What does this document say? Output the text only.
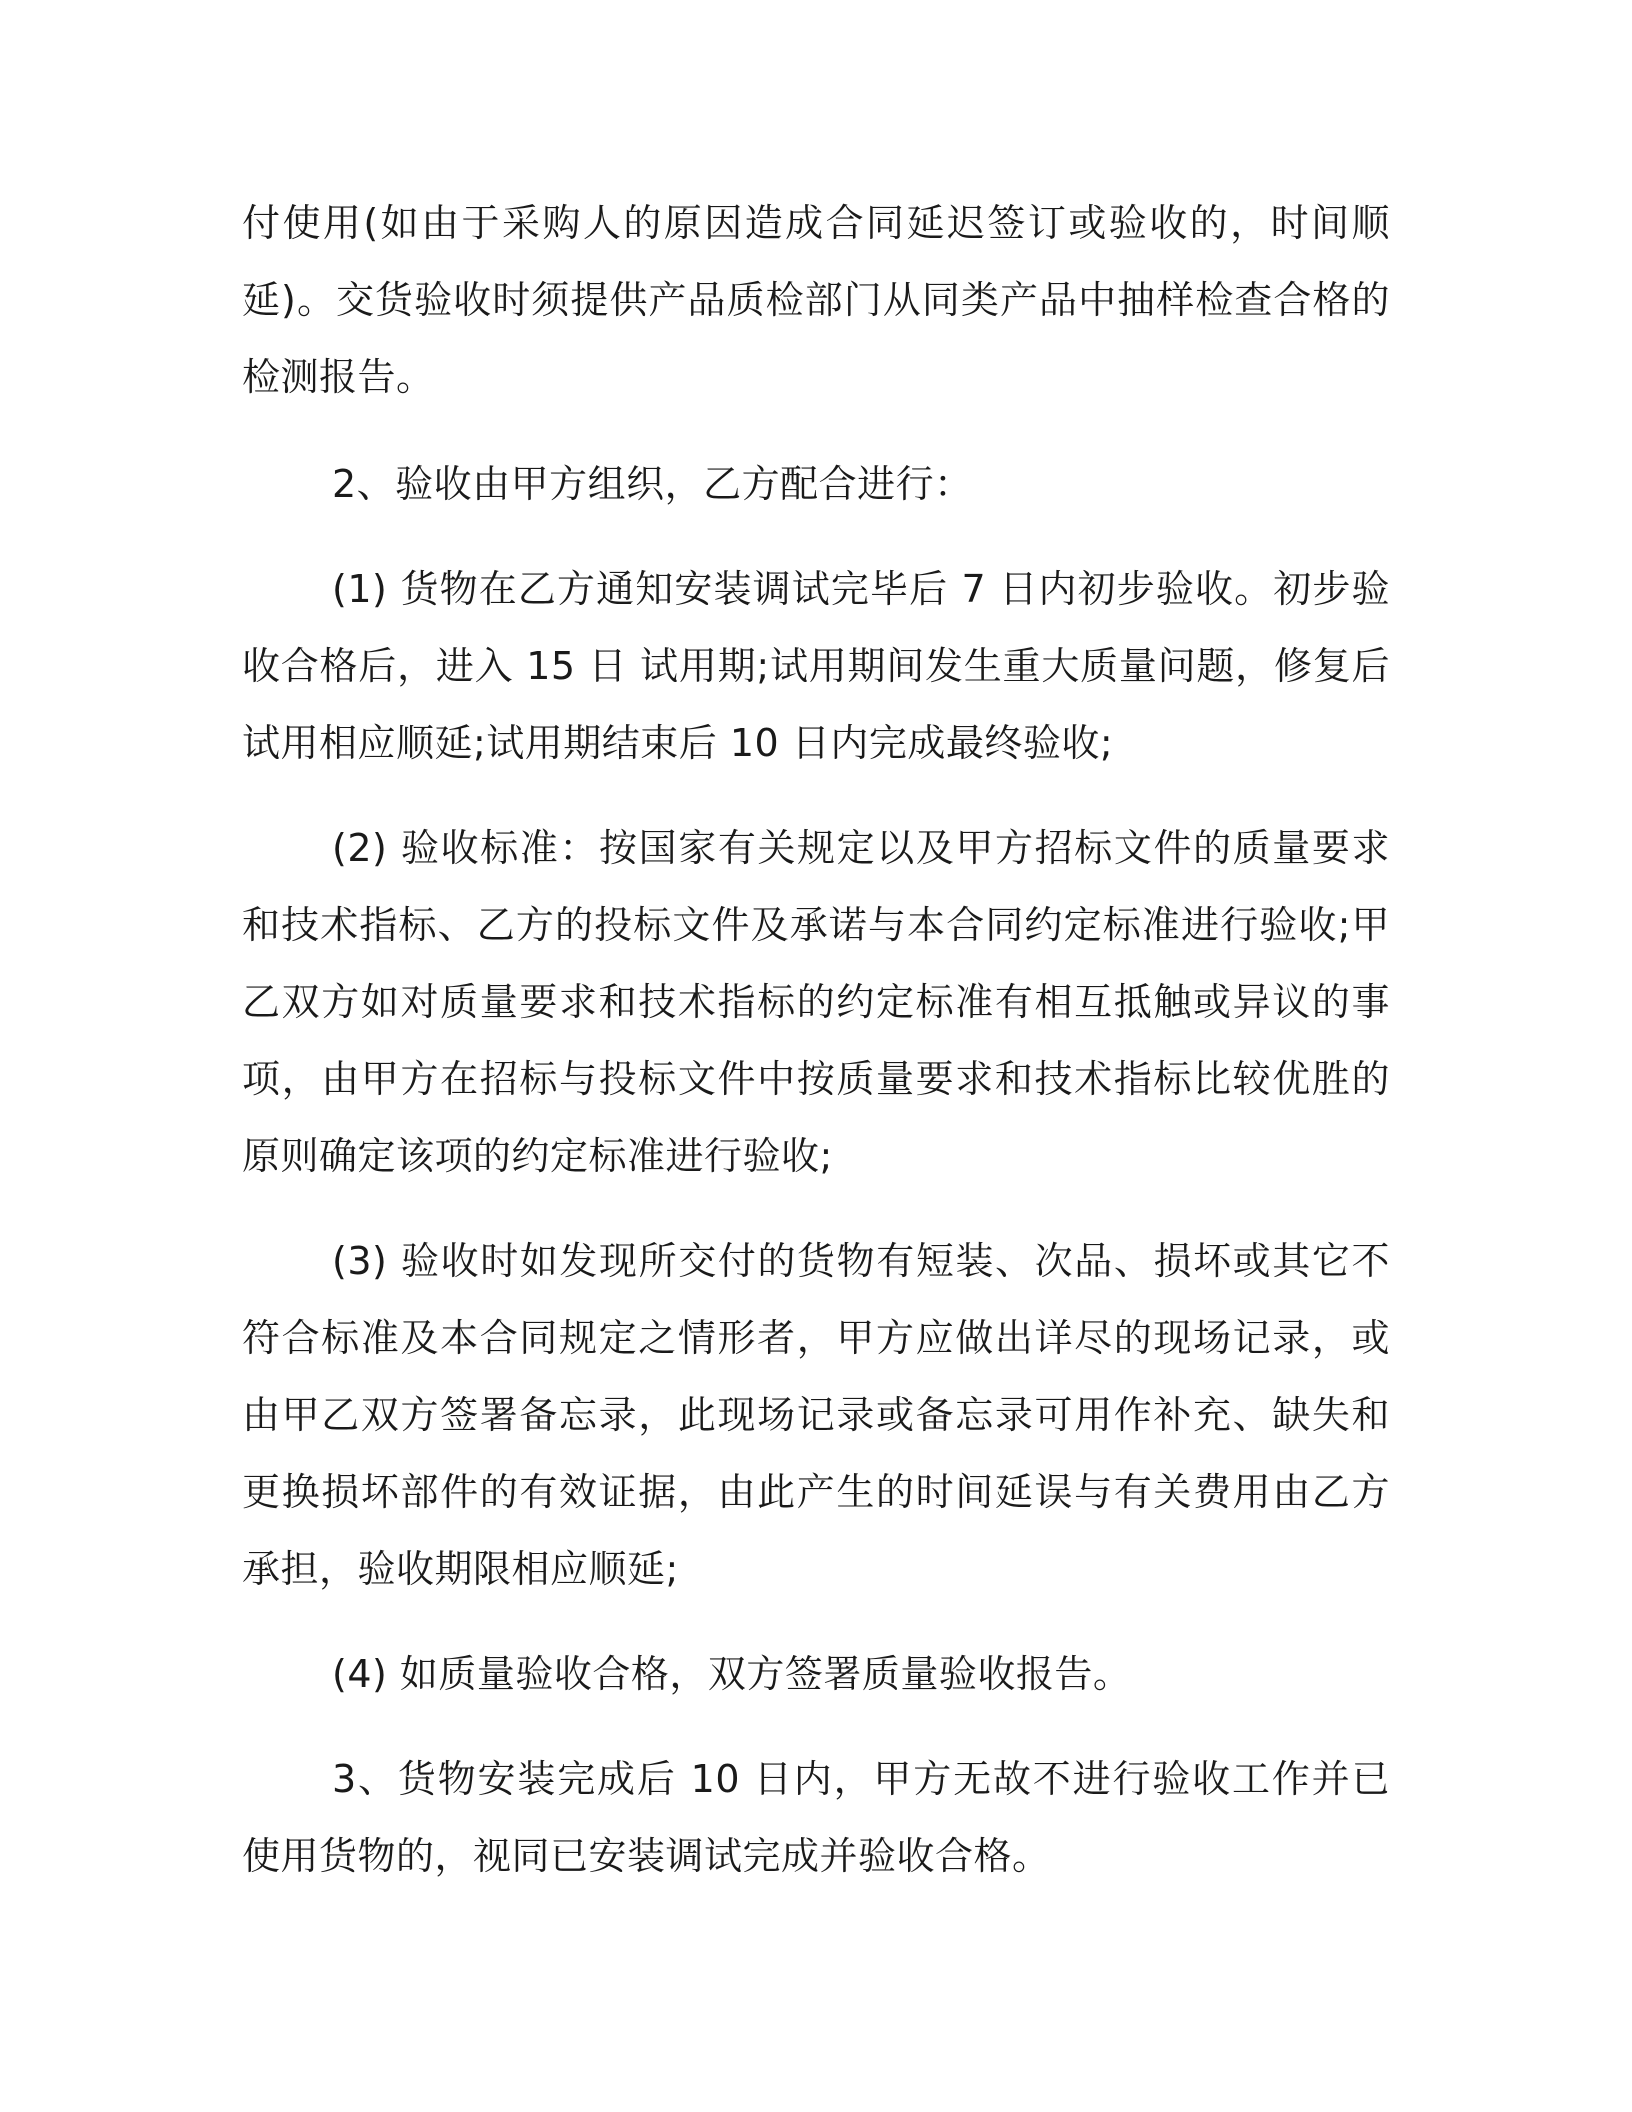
付使用(如由于采购人的原因造成合同延迟签订或验收的，时间顺延)。交货验收时须提供产品质检部门从同类产品中抽样检查合格的检测报告。

2、验收由甲方组织，乙方配合进行：

(1) 货物在乙方通知安装调试完毕后 7 日内初步验收。初步验收合格后，进入 15 日 试用期;试用期间发生重大质量问题，修复后试用相应顺延;试用期结束后 10 日内完成最终验收;

(2) 验收标准：按国家有关规定以及甲方招标文件的质量要求和技术指标、乙方的投标文件及承诺与本合同约定标准进行验收;甲乙双方如对质量要求和技术指标的约定标准有相互抵触或异议的事项，由甲方在招标与投标文件中按质量要求和技术指标比较优胜的原则确定该项的约定标准进行验收;

(3) 验收时如发现所交付的货物有短装、次品、损坏或其它不符合标准及本合同规定之情形者，甲方应做出详尽的现场记录，或由甲乙双方签署备忘录，此现场记录或备忘录可用作补充、缺失和更换损坏部件的有效证据，由此产生的时间延误与有关费用由乙方承担，验收期限相应顺延;

(4) 如质量验收合格，双方签署质量验收报告。

3、货物安装完成后 10 日内，甲方无故不进行验收工作并已使用货物的，视同已安装调试完成并验收合格。
